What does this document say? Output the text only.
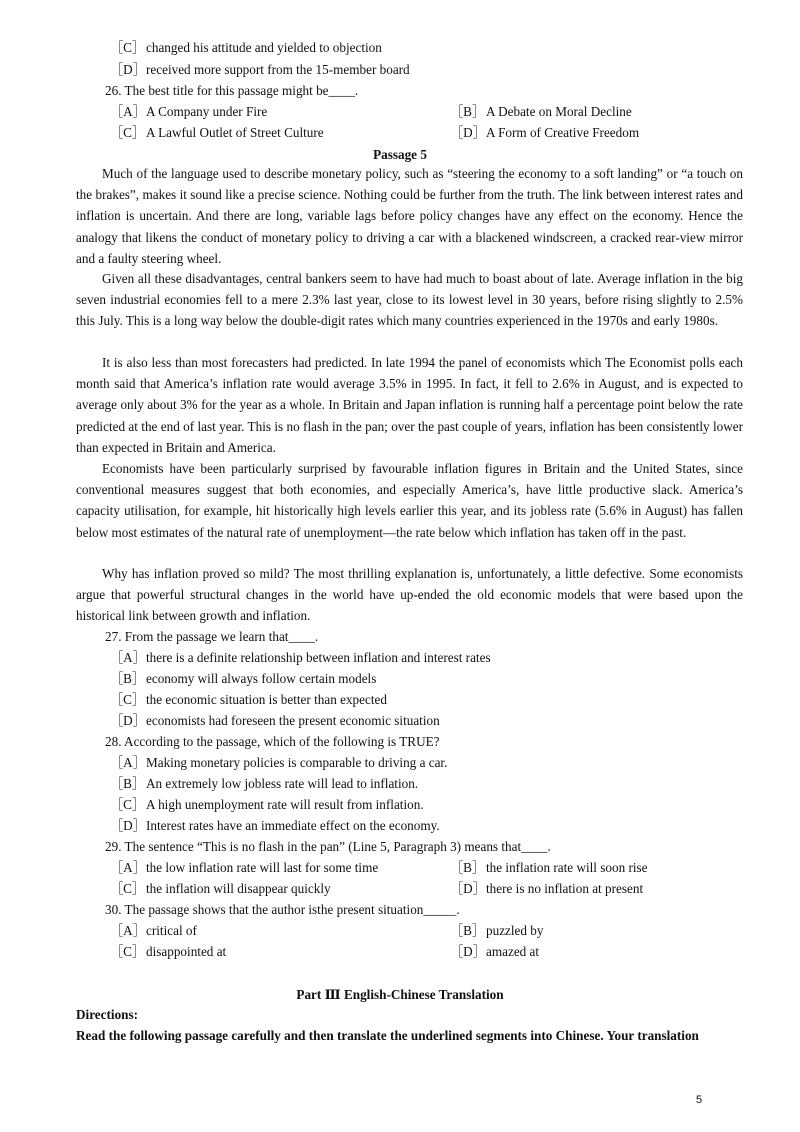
［C］changed his attitude and yielded to objection
［D］received more support from the 15-member board
26. The best title for this passage might be____.
［A］A Company under Fire	［B］A Debate on Moral Decline
［C］A Lawful Outlet of Street Culture	［D］A Form of Creative Freedom
Passage 5

Much of the language used to describe monetary policy, such as “steering the economy to a soft landing” or “a touch on the brakes”, makes it sound like a precise science. Nothing could be further from the truth. The link between interest rates and inflation is uncertain. And there are long, variable lags before policy changes have any effect on the economy. Hence the analogy that likens the conduct of monetary policy to driving a car with a blackened windscreen, a cracked rear-view mirror and a faulty steering wheel.

Given all these disadvantages, central bankers seem to have had much to boast about of late. Average inflation in the big seven industrial economies fell to a mere 2.3% last year, close to its lowest level in 30 years, before rising slightly to 2.5% this July. This is a long way below the double-digit rates which many countries experienced in the 1970s and early 1980s.

It is also less than most forecasters had predicted. In late 1994 the panel of economists which The Economist polls each month said that America’s inflation rate would average 3.5% in 1995. In fact, it fell to 2.6% in August, and is expected to average only about 3% for the year as a whole. In Britain and Japan inflation is running half a percentage point below the rate predicted at the end of last year. This is no flash in the pan; over the past couple of years, inflation has been consistently lower than expected in Britain and America.

Economists have been particularly surprised by favourable inflation figures in Britain and the United States, since conventional measures suggest that both economies, and especially America’s, have little productive slack. America’s capacity utilisation, for example, hit historically high levels earlier this year, and its jobless rate (5.6% in August) has fallen below most estimates of the natural rate of unemployment—the rate below which inflation has taken off in the past.

Why has inflation proved so mild? The most thrilling explanation is, unfortunately, a little defective. Some economists argue that powerful structural changes in the world have up-ended the old economic models that were based upon the historical link between growth and inflation.

27. From the passage we learn that____.
［A］there is a definite relationship between inflation and interest rates
［B］economy will always follow certain models
［C］the economic situation is better than expected
［D］economists had foreseen the present economic situation
28. According to the passage, which of the following is TRUE?
［A］Making monetary policies is comparable to driving a car.
［B］An extremely low jobless rate will lead to inflation.
［C］A high unemployment rate will result from inflation.
［D］Interest rates have an immediate effect on the economy.
29. The sentence “This is no flash in the pan” (Line 5, Paragraph 3) means that____.
［A］the low inflation rate will last for some time	［B］the inflation rate will soon rise
［C］the inflation will disappear quickly	［D］there is no inflation at present
30. The passage shows that the author isthe present situation_____.
［A］critical of	［B］puzzled by
［C］disappointed at	［D］amazed at
Part Ⅲ English-Chinese Translation
Directions:
Read the following passage carefully and then translate the underlined segments into Chinese. Your translation
5
